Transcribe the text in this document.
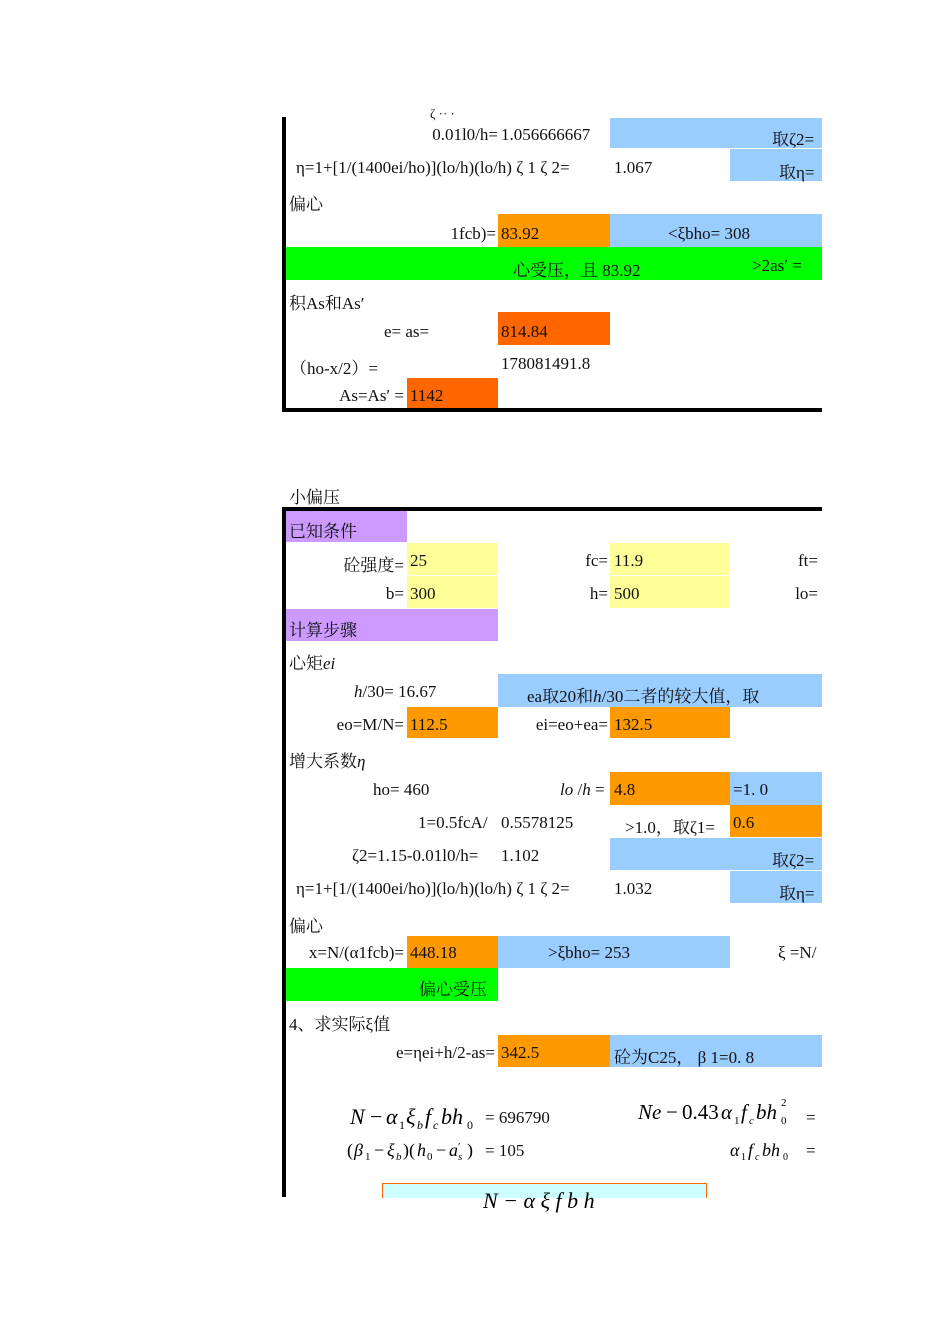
ζ ·· ·
0.01l0/h= 1.056666667	取ζ2=
η=1+[1/(1400ei/ho)](lo/h)(lo/h) ζ 1 ζ 2=	1.067	取η=
偏心
1fcb)= 83.92	<ξbho= 308
心受压，且 83.92	>2as′ =
积As和As′
e= as=	814.84
（ho-x/2）=	178081491.8
As=As′ = 1142
小偏压
已知条件
砼强度= 25	fc= 11.9	ft=
b= 300	h= 500	lo=
计算步骤
心矩ei
h/30= 16.67	ea取20和h/30二者的较大值，取
eo=M/N= 112.5	ei=eo+ea= 132.5
增大系数η
ho= 460	lo /h = 4.8	=1. 0
1=0.5fcA/ 0.5578125	>1.0，取ζ1= 0.6
ζ2=1.15-0.01l0/h= 1.102	取ζ2=
η=1+[1/(1400ei/ho)](lo/h)(lo/h) ζ 1 ζ 2=	1.032	取η=
偏心
x=N/(α1fcb)= 448.18	>ξbho= 253	ξ =N/
偏心受压
4、求实际ξ值
e=ηei+h/2-as= 342.5	砼为C25， β 1=0. 8
N − α 1 ξ b f c bh 0 = 696790
( β 1 − ξ b )( h 0 − a ′
s ) = 105
Ne − 0.43 α 1 f c bh 2
0 =
α 1 f c bh 0 =
N − α ξ f b h
